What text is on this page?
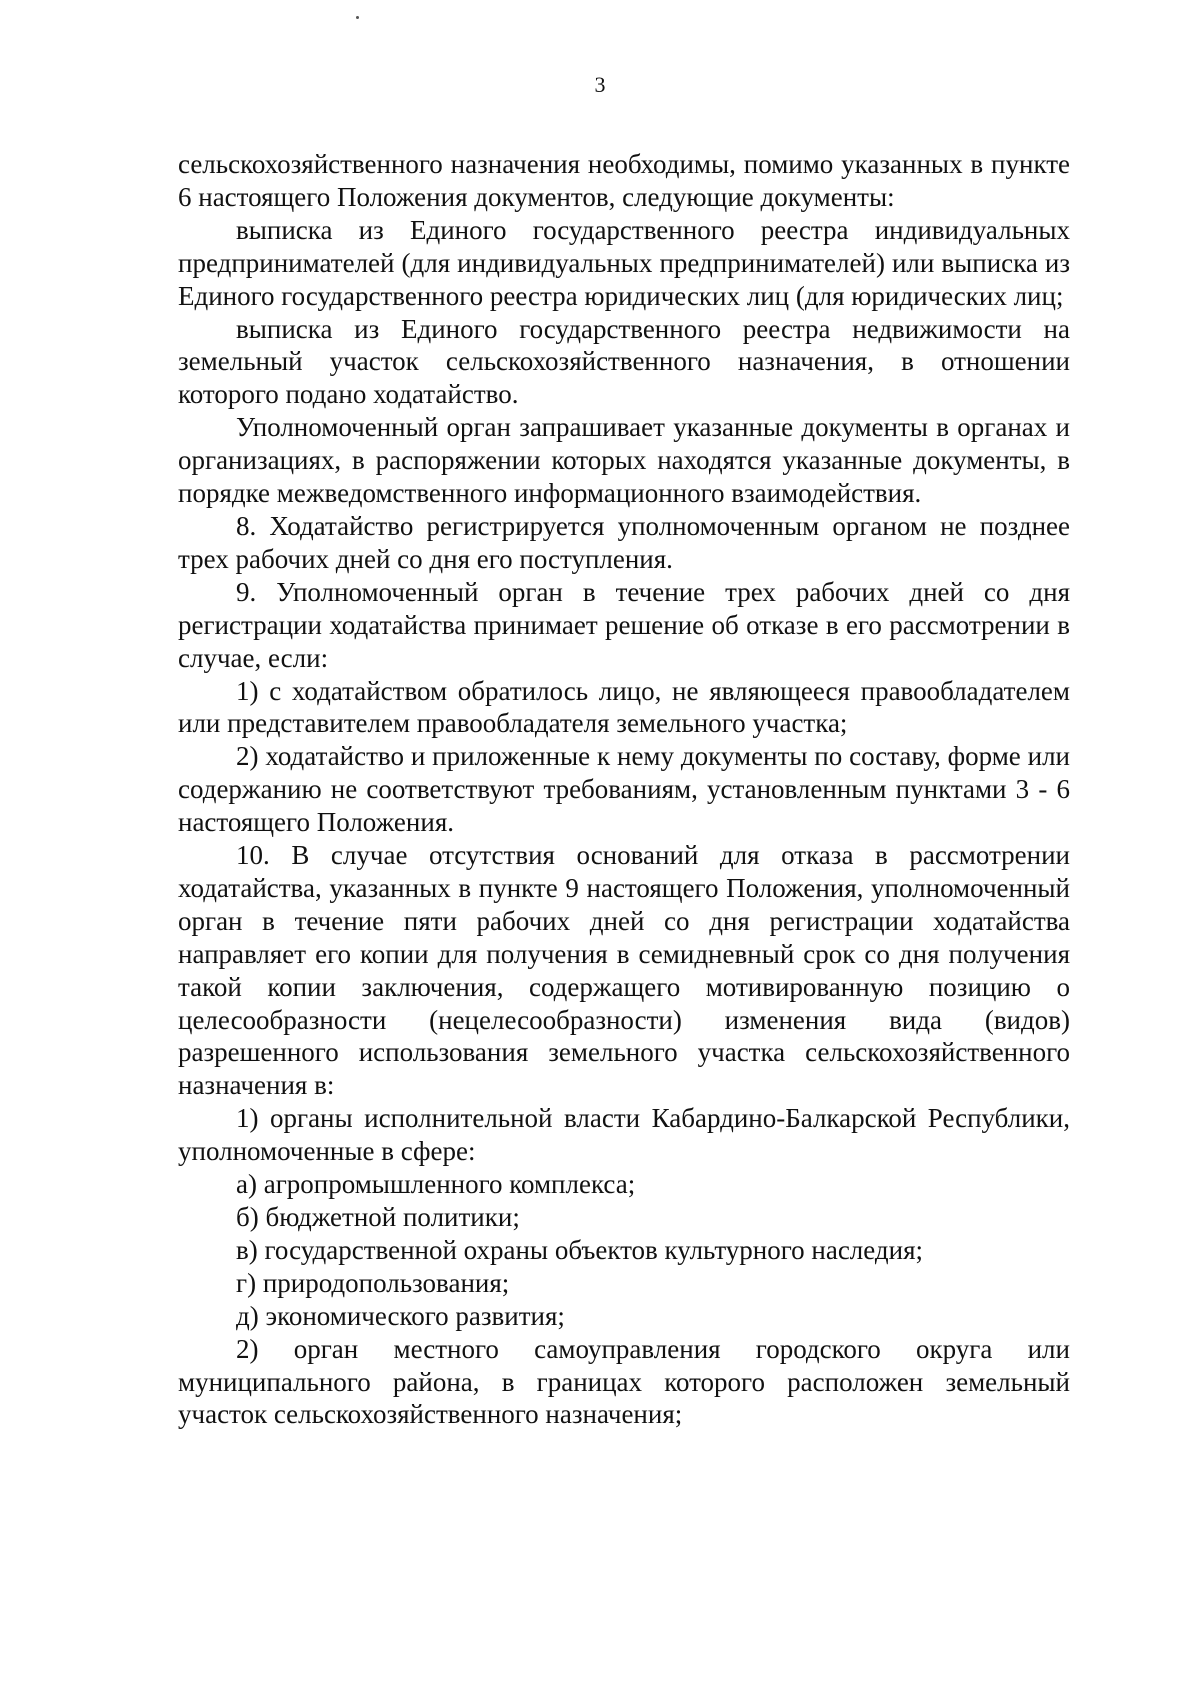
3

сельскохозяйственного назначения необходимы, помимо указанных в пункте 6 настоящего Положения документов, следующие документы:

выписка из Единого государственного реестра индивидуальных предпринимателей (для индивидуальных предпринимателей) или выписка из Единого государственного реестра юридических лиц (для юридических лиц;

выписка из Единого государственного реестра недвижимости на земельный участок сельскохозяйственного назначения, в отношении которого подано ходатайство.

Уполномоченный орган запрашивает указанные документы в органах и организациях, в распоряжении которых находятся указанные документы, в порядке межведомственного информационного взаимодействия.

8. Ходатайство регистрируется уполномоченным органом не позднее трех рабочих дней со дня его поступления.

9. Уполномоченный орган в течение трех рабочих дней со дня регистрации ходатайства принимает решение об отказе в его рассмотрении в случае, если:

1) с ходатайством обратилось лицо, не являющееся правообладателем или представителем правообладателя земельного участка;

2) ходатайство и приложенные к нему документы по составу, форме или содержанию не соответствуют требованиям, установленным пунктами 3 - 6 настоящего Положения.

10. В случае отсутствия оснований для отказа в рассмотрении ходатайства, указанных в пункте 9 настоящего Положения, уполномоченный орган в течение пяти рабочих дней со дня регистрации ходатайства направляет его копии для получения в семидневный срок со дня получения такой копии заключения, содержащего мотивированную позицию о целесообразности (нецелесообразности) изменения вида (видов) разрешенного использования земельного участка сельскохозяйственного назначения в:

1) органы исполнительной власти Кабардино-Балкарской Республики, уполномоченные в сфере:

а) агропромышленного комплекса;

б) бюджетной политики;

в) государственной охраны объектов культурного наследия;

г) природопользования;

д) экономического развития;

2) орган местного самоуправления городского округа или муниципального района, в границах которого расположен земельный участок сельскохозяйственного назначения;
